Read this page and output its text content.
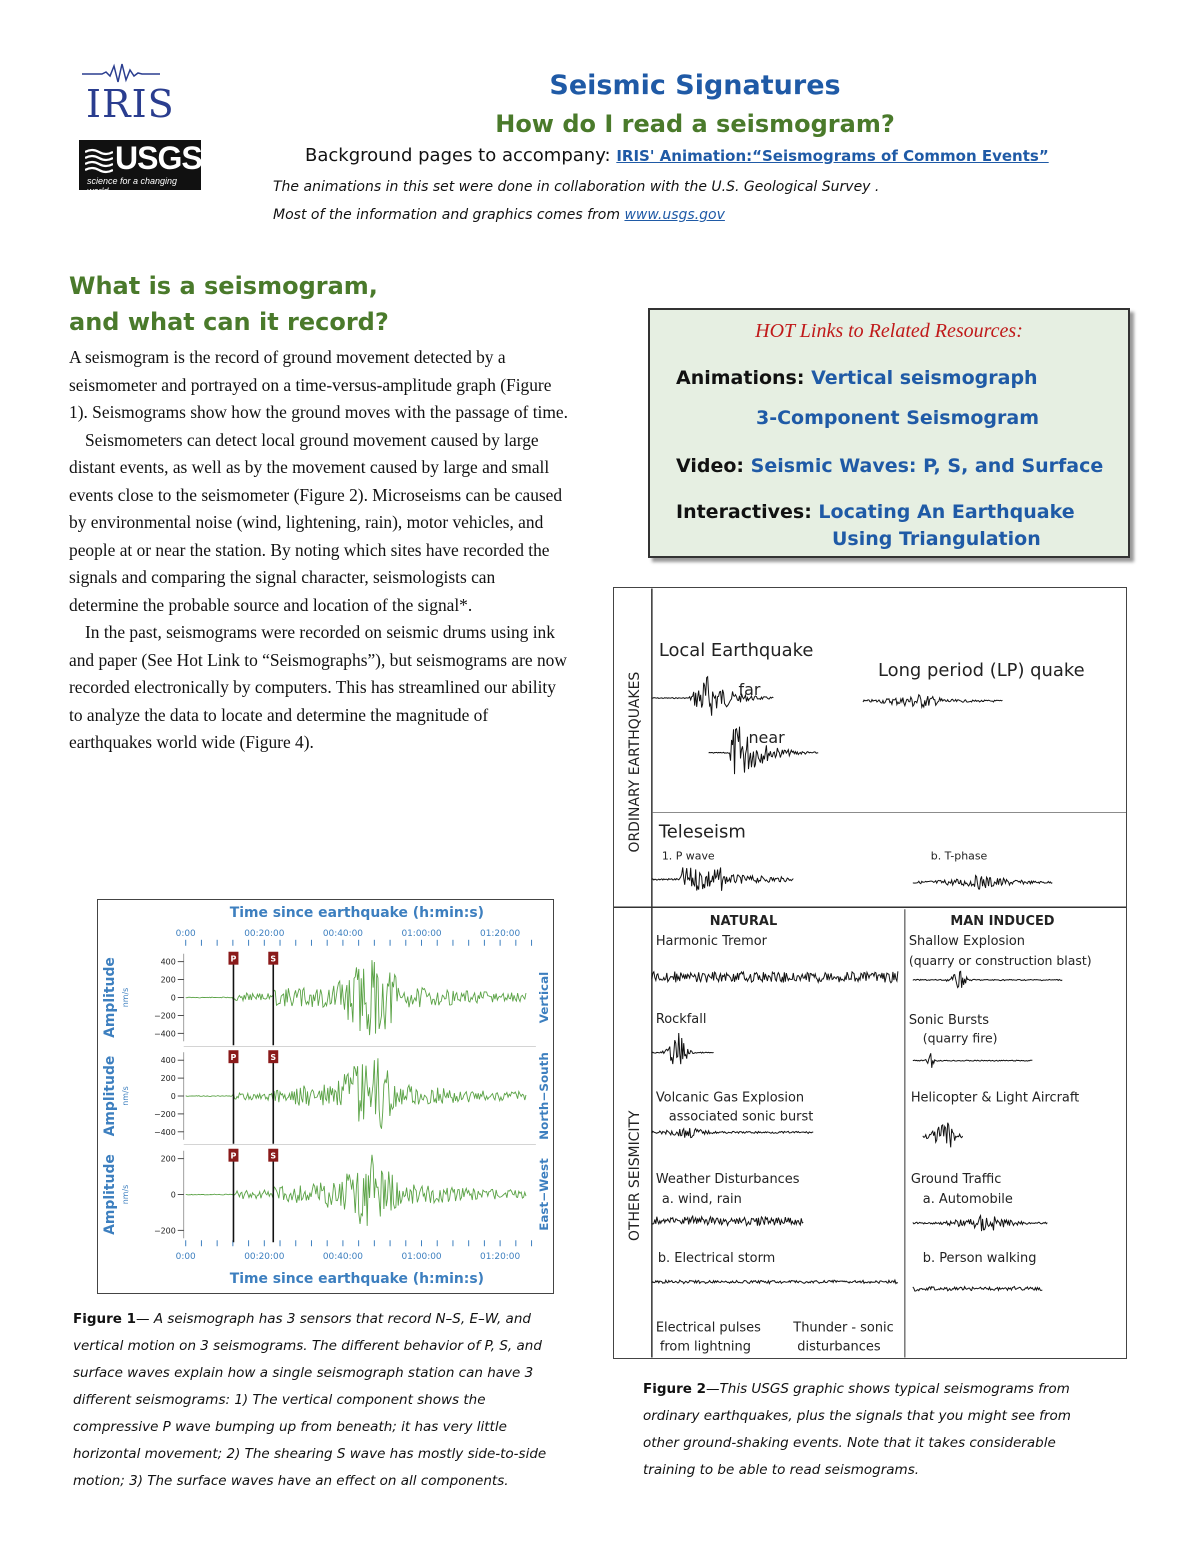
IRIS
USGS
science for a changing world
Seismic Signatures
How do I read a seismogram?
Background pages to accompany: IRIS' Animation:“Seismograms of Common Events”
The animations in this set were done in collaboration with the U.S. Geological Survey .
Most of the information and graphics comes from www.usgs.gov
What is a seismogram,
and what can it record?

A seismogram is the record of ground movement detected by a seismometer and portrayed on a time-versus-amplitude graph (Figure 1). Seismograms show how the ground moves with the passage of time.

Seismometers can detect local ground movement caused by large distant events, as well as by the movement caused by large and small events close to the seismometer (Figure 2). Microseisms can be caused by environmental noise (wind, lightening, rain), motor vehicles, and people at or near the station. By noting which sites have recorded the signals and comparing the signal character, seismologists can determine the probable source and location of the signal*.

In the past, seismograms were recorded on seismic drums using ink and paper (See Hot Link to “Seismographs”), but seismograms are now recorded electronically by computers. This has streamlined our ability to analyze the data to locate and determine the magnitude of earthquakes world wide (Figure 4).

HOT Links to Related Resources:
Animations: Vertical seismograph
3-Component Seismogram
Video: Seismic Waves: P, S, and Surface
Interactives: Locating An Earthquake
Using Triangulation
Time since earthquake (h:min:s)
Time since earthquake (h:min:s)
0:00	00:20:00	00:40:00	01:00:00	01:20:00
0:00	00:20:00	00:40:00	01:00:00	01:20:00
400
200
0
−200
−400
Amplitude nm/s	Vertical
P	S
400
200
0
−200
−400
Amplitude nm/s	North−South
P	S
200
0
−200
Amplitude nm/s	East−West
P	S
Figure 1— A seismograph has 3 sensors that record N–S, E–W, and vertical motion on 3 seismograms. The different behavior of P, S, and surface waves explain how a single seismograph station can have 3 different seismograms: 1) The vertical component shows the compressive P wave bumping up from beneath; it has very little horizontal movement; 2) The shearing S wave has mostly side-to-side motion; 3) The surface waves have an effect on all components.
ORDINARY EARTHQUAKES
OTHER SEISMICITY
Local Earthquake
far
near
Long period (LP) quake
Teleseism
1. P wave	b. T-phase
NATURAL	MAN INDUCED
Harmonic Tremor	Shallow Explosion
(quarry or construction blast)
Rockfall	Sonic Bursts
(quarry fire)
Volcanic Gas Explosion
associated sonic burst
Helicopter & Light Aircraft
Weather Disturbances
a. wind, rain
Ground Traffic
a. Automobile
b. Electrical storm	b. Person walking
Electrical pulses
from lightning
Thunder - sonic
disturbances
Figure 2—This USGS graphic shows typical seismograms from ordinary earthquakes, plus the signals that you might see from other ground-shaking events. Note that it takes considerable training to be able to read seismograms.
